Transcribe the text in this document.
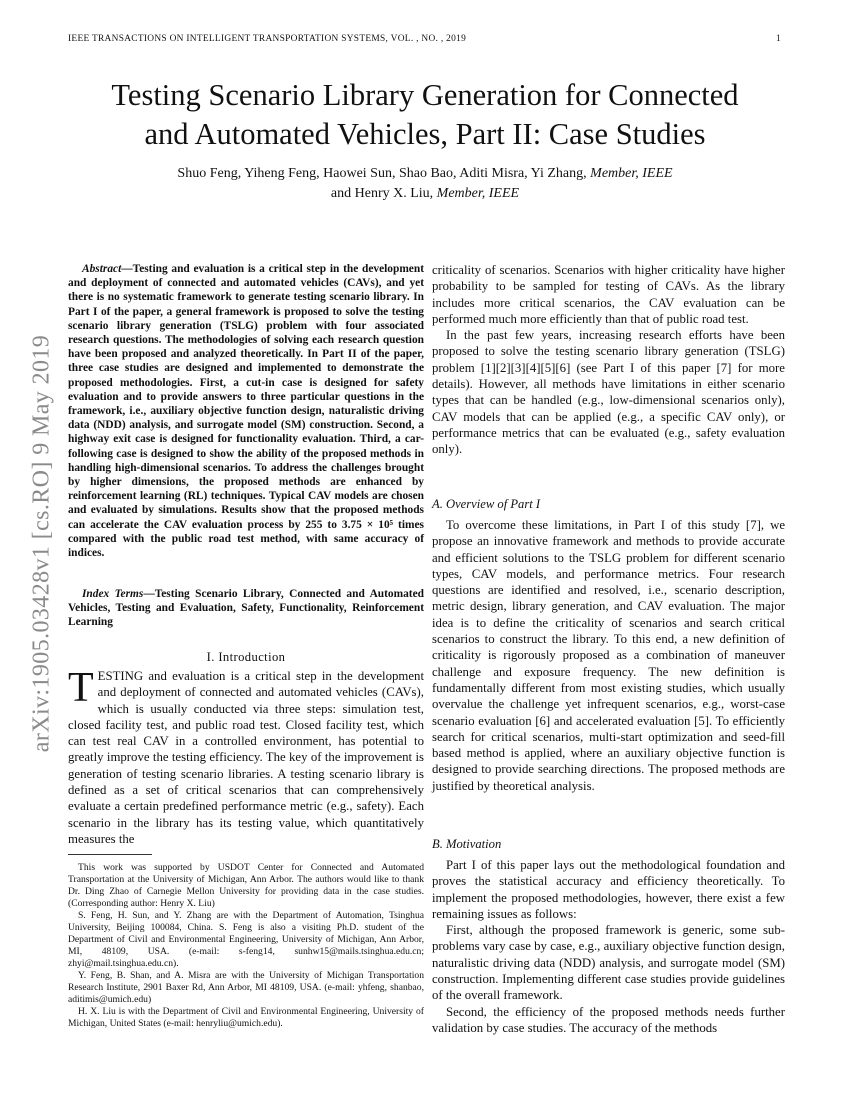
IEEE TRANSACTIONS ON INTELLIGENT TRANSPORTATION SYSTEMS, VOL. , NO. , 2019	1
Testing Scenario Library Generation for Connected
and Automated Vehicles, Part II: Case Studies
Shuo Feng, Yiheng Feng, Haowei Sun, Shao Bao, Aditi Misra, Yi Zhang, Member, IEEE
and Henry X. Liu, Member, IEEE
arXiv:1905.03428v1 [cs.RO] 9 May 2019

Abstract—Testing and evaluation is a critical step in the development and deployment of connected and automated vehicles (CAVs), and yet there is no systematic framework to generate testing scenario library. In Part I of the paper, a general framework is proposed to solve the testing scenario library generation (TSLG) problem with four associated research questions. The methodologies of solving each research question have been proposed and analyzed theoretically. In Part II of the paper, three case studies are designed and implemented to demonstrate the proposed methodologies. First, a cut-in case is designed for safety evaluation and to provide answers to three particular questions in the framework, i.e., auxiliary objective function design, naturalistic driving data (NDD) analysis, and surrogate model (SM) construction. Second, a highway exit case is designed for functionality evaluation. Third, a car-following case is designed to show the ability of the proposed methods in handling high-dimensional scenarios. To address the challenges brought by higher dimensions, the proposed methods are enhanced by reinforcement learning (RL) techniques. Typical CAV models are chosen and evaluated by simulations. Results show that the proposed methods can accelerate the CAV evaluation process by 255 to 3.75 × 10⁵ times compared with the public road test method, with same accuracy of indices.

Index Terms—Testing Scenario Library, Connected and Automated Vehicles, Testing and Evaluation, Safety, Functionality, Reinforcement Learning

I. Introduction

TESTING and evaluation is a critical step in the development and deployment of connected and automated vehicles (CAVs), which is usually conducted via three steps: simulation test, closed facility test, and public road test. Closed facility test, which can test real CAV in a controlled environment, has potential to greatly improve the testing efficiency. The key of the improvement is generation of testing scenario libraries. A testing scenario library is defined as a set of critical scenarios that can comprehensively evaluate a certain predefined performance metric (e.g., safety). Each scenario in the library has its testing value, which quantitatively measures the

This work was supported by USDOT Center for Connected and Automated Transportation at the University of Michigan, Ann Arbor. The authors would like to thank Dr. Ding Zhao of Carnegie Mellon University for providing data in the case studies. (Corresponding author: Henry X. Liu)

S. Feng, H. Sun, and Y. Zhang are with the Department of Automation, Tsinghua University, Beijing 100084, China. S. Feng is also a visiting Ph.D. student of the Department of Civil and Environmental Engineering, University of Michigan, Ann Arbor, MI, 48109, USA. (e-mail: s-feng14, sunhw15@mails.tsinghua.edu.cn; zhyi@mail.tsinghua.edu.cn).

Y. Feng, B. Shan, and A. Misra are with the University of Michigan Transportation Research Institute, 2901 Baxer Rd, Ann Arbor, MI 48109, USA. (e-mail: yhfeng, shanbao, aditimis@umich.edu)

H. X. Liu is with the Department of Civil and Environmental Engineering, University of Michigan, United States (e-mail: henryliu@umich.edu).

criticality of scenarios. Scenarios with higher criticality have higher probability to be sampled for testing of CAVs. As the library includes more critical scenarios, the CAV evaluation can be performed much more efficiently than that of public road test.

In the past few years, increasing research efforts have been proposed to solve the testing scenario library generation (TSLG) problem [1][2][3][4][5][6] (see Part I of this paper [7] for more details). However, all methods have limitations in either scenario types that can be handled (e.g., low-dimensional scenarios only), CAV models that can be applied (e.g., a specific CAV only), or performance metrics that can be evaluated (e.g., safety evaluation only).

A. Overview of Part I

To overcome these limitations, in Part I of this study [7], we propose an innovative framework and methods to provide accurate and efficient solutions to the TSLG problem for different scenario types, CAV models, and performance metrics. Four research questions are identified and resolved, i.e., scenario description, metric design, library generation, and CAV evaluation. The major idea is to define the criticality of scenarios and search critical scenarios to construct the library. To this end, a new definition of criticality is rigorously proposed as a combination of maneuver challenge and exposure frequency. The new definition is fundamentally different from most existing studies, which usually overvalue the challenge yet infrequent scenarios, e.g., worst-case scenario evaluation [6] and accelerated evaluation [5]. To efficiently search for critical scenarios, multi-start optimization and seed-fill based method is applied, where an auxiliary objective function is designed to provide searching directions. The proposed methods are justified by theoretical analysis.

B. Motivation

Part I of this paper lays out the methodological foundation and proves the statistical accuracy and efficiency theoretically. To implement the proposed methodologies, however, there exist a few remaining issues as follows:

First, although the proposed framework is generic, some sub-problems vary case by case, e.g., auxiliary objective function design, naturalistic driving data (NDD) analysis, and surrogate model (SM) construction. Implementing different case studies provide guidelines of the overall framework.

Second, the efficiency of the proposed methods needs further validation by case studies. The accuracy of the methods
